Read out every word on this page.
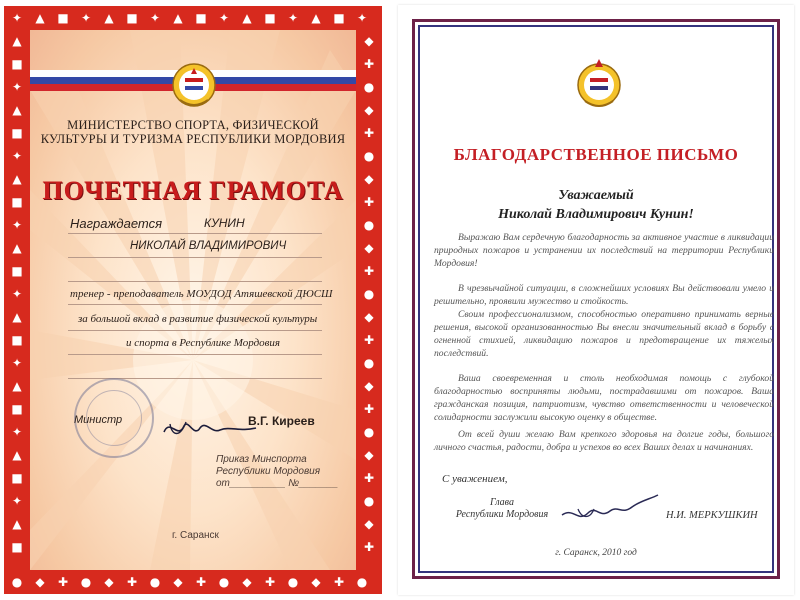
✦
●
▲
◆
■
✚
✦
●
▲
◆
■
✚
✦
●
▲
◆
■
✚
✦
●
▲
◆
■
✚
✦
●
▲
◆
■
✚
✦
●
▲	◆
■	✚
✦	●
▲	◆
■	✚
✦	●
▲	◆
■	✚
✦	●
▲	◆
■	✚
✦	●
▲	◆
■	✚
✦	●
▲	◆
■	✚
✦	●
▲	◆
■	✚
✦	●
▲	◆
■	✚
МИНИСТЕРСТВО СПОРТА, ФИЗИЧЕСКОЙ
КУЛЬТУРЫ И ТУРИЗМА РЕСПУБЛИКИ МОРДОВИЯ
ПОЧЕТНАЯ ГРАМОТА
Награждается	КУНИН
НИКОЛАЙ ВЛАДИМИРОВИЧ
тренер - преподаватель МОУДОД Атяшевской ДЮСШ
за большой вклад в развитие физической культуры
и спорта в Республике Мордовия
Министр	В.Г. Киреев
Приказ Минспорта
Республики Мордовия
от__________ №_______
г. Саранск
БЛАГОДАРСТВЕННОЕ ПИСЬМО
Уважаемый
Николай Владимирович Кунин!
Выражаю Вам сердечную благодарность за активное участие в ликвидации природных пожаров и устранении их последствий на территории Республики Мордовия!
В чрезвычайной ситуации, в сложнейших условиях Вы действовали умело и решительно, проявили мужество и стойкость.
Своим профессионализмом, способностью оперативно принимать верные решения, высокой организованностью Вы внесли значительный вклад в борьбу с огненной стихией, ликвидацию пожаров и предотвращение их тяжелых последствий.
Ваша своевременная и столь необходимая помощь с глубокой благодарностью восприняты людьми, пострадавшими от пожаров. Ваша гражданская позиция, патриотизм, чувство ответственности и человеческой солидарности заслужили высокую оценку в обществе.
От всей души желаю Вам крепкого здоровья на долгие годы, большого личного счастья, радости, добра и успехов во всех Ваших делах и начинаниях.
С уважением,
Глава
Республики Мордовия	Н.И. МЕРКУШКИН
г. Саранск, 2010 год
